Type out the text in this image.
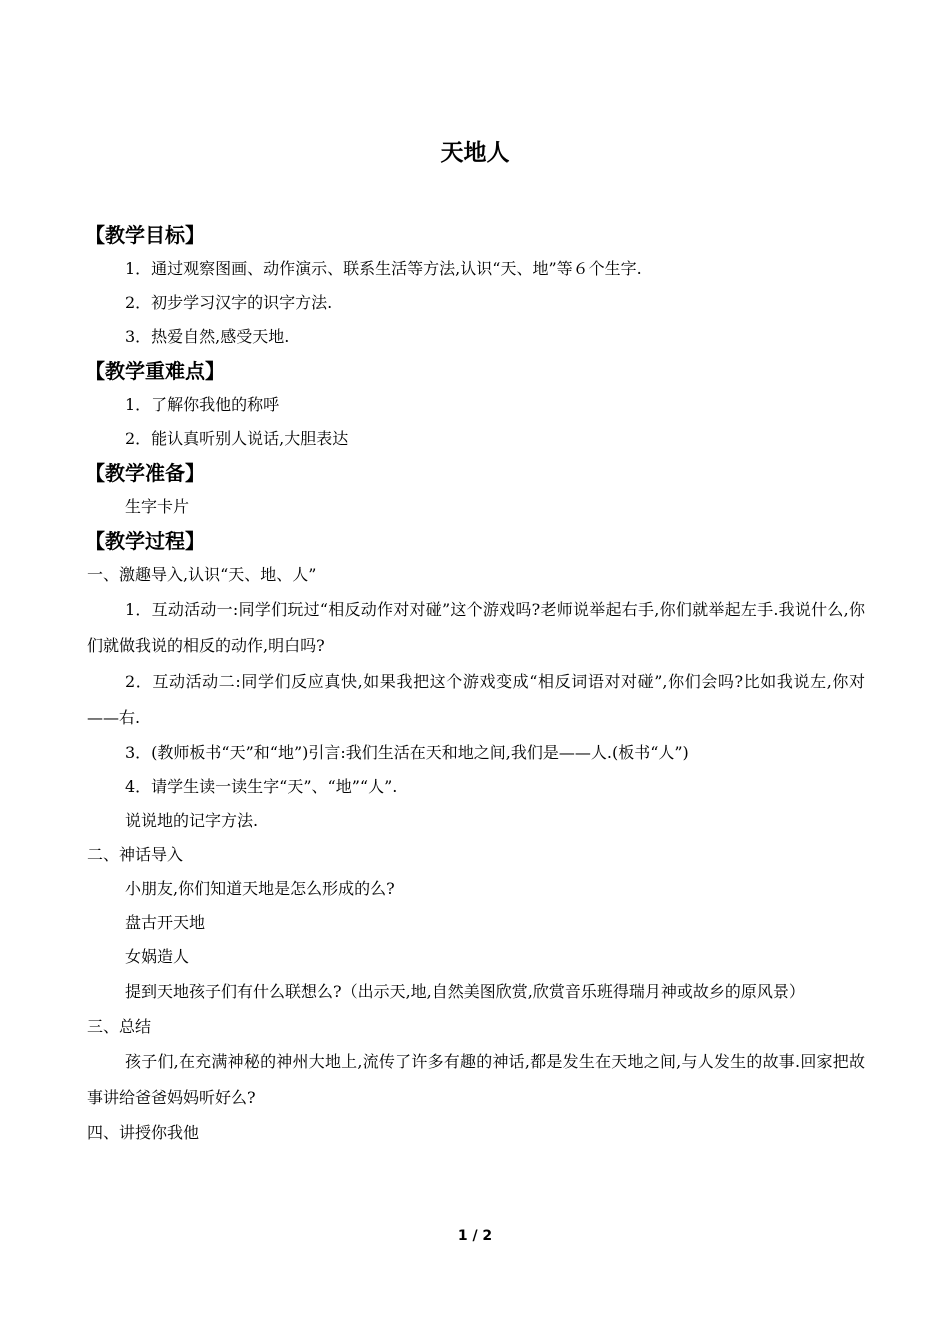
天地人
【教学目标】

1．通过观察图画、动作演示、联系生活等方法,认识“天、地”等６个生字.

2．初步学习汉字的识字方法.

3．热爱自然,感受天地.

【教学重难点】

1．了解你我他的称呼

2．能认真听别人说话,大胆表达

【教学准备】

生字卡片

【教学过程】

一、激趣导入,认识“天、地、人”

1．互动活动一:同学们玩过“相反动作对对碰”这个游戏吗?老师说举起右手,你们就举起左手.我说什么,你们就做我说的相反的动作,明白吗?

2．互动活动二:同学们反应真快,如果我把这个游戏变成“相反词语对对碰”,你们会吗?比如我说左,你对——右.

3．(教师板书“天”和“地”)引言:我们生活在天和地之间,我们是——人.(板书“人”)

4．请学生读一读生字“天”、“地”“人”.

说说地的记字方法.

二、神话导入

小朋友,你们知道天地是怎么形成的么?

盘古开天地

女娲造人

提到天地孩子们有什么联想么?（出示天,地,自然美图欣赏,欣赏音乐班得瑞月神或故乡的原风景）

三、总结

孩子们,在充满神秘的神州大地上,流传了许多有趣的神话,都是发生在天地之间,与人发生的故事.回家把故事讲给爸爸妈妈听好么?

四、讲授你我他

1 / 2
